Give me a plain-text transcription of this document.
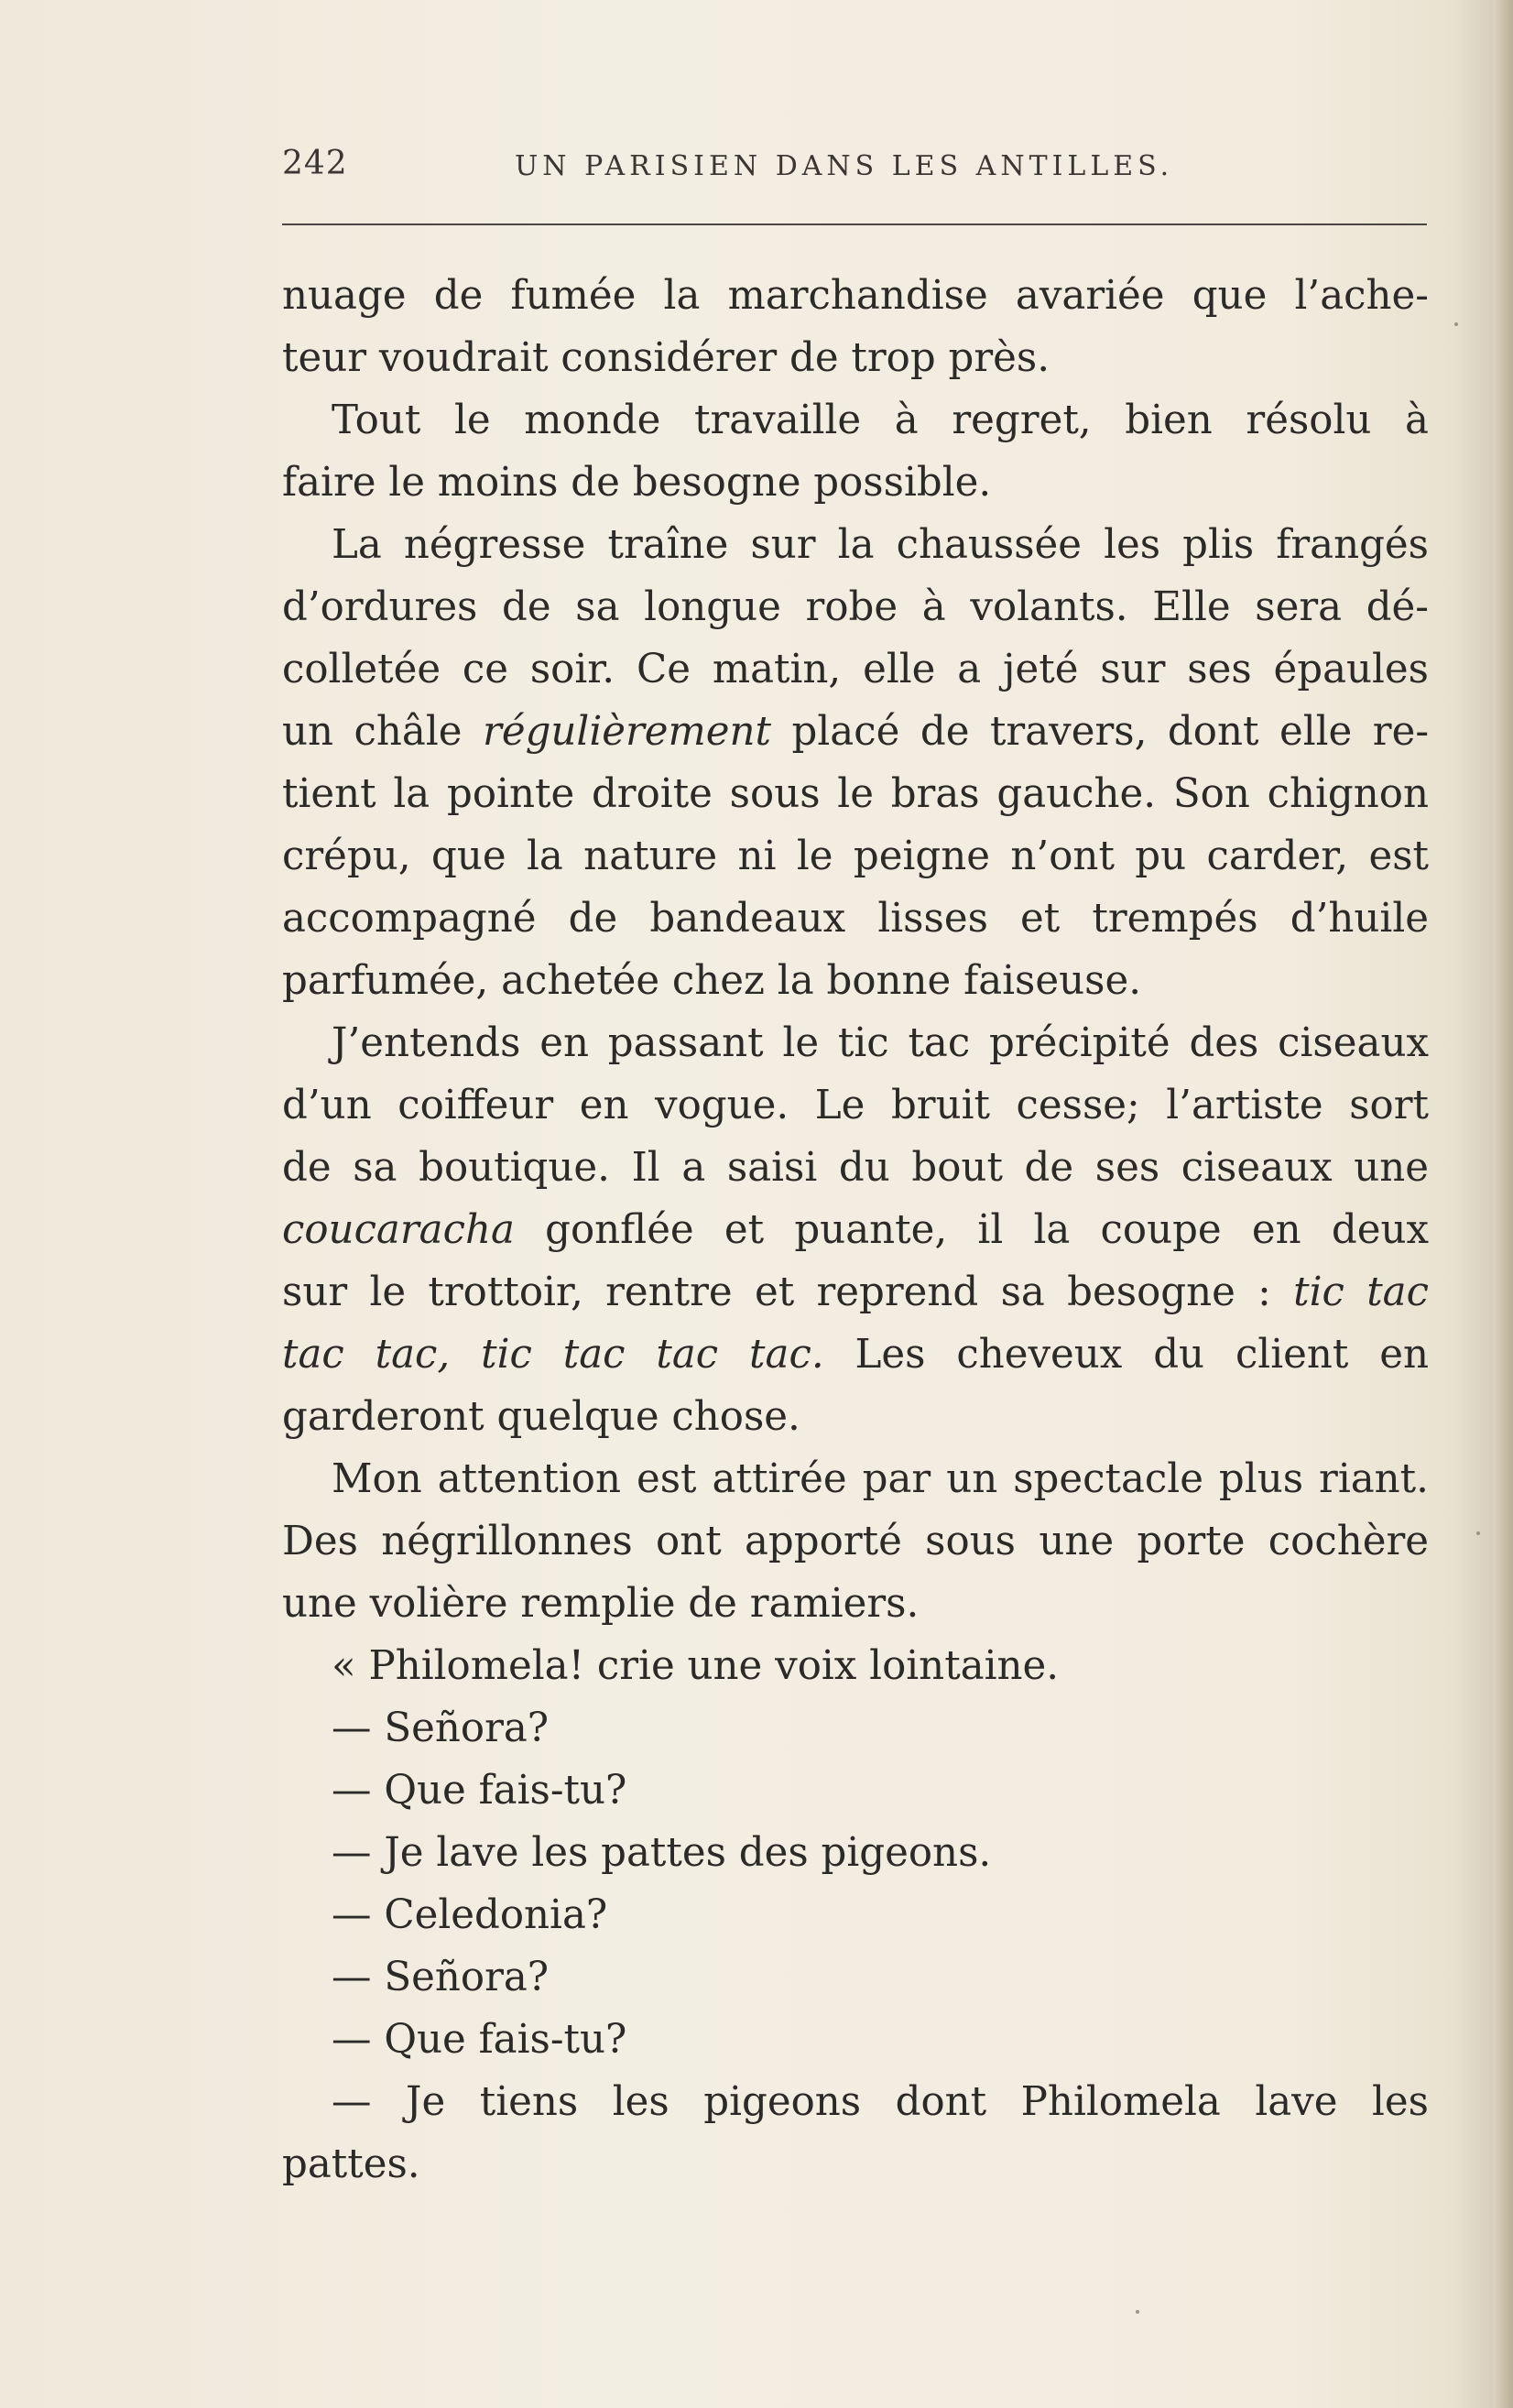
242	UN PARISIEN DANS LES ANTILLES.
nuage de fumée la marchandise avariée que l’ache-
teur voudrait considérer de trop près.
Tout le monde travaille à regret, bien résolu à
faire le moins de besogne possible.
La négresse traîne sur la chaussée les plis frangés
d’ordures de sa longue robe à volants. Elle sera dé-
colletée ce soir. Ce matin, elle a jeté sur ses épaules
un châle régulièrement placé de travers, dont elle re-
tient la pointe droite sous le bras gauche. Son chignon
crépu, que la nature ni le peigne n’ont pu carder, est
accompagné de bandeaux lisses et trempés d’huile
parfumée, achetée chez la bonne faiseuse.
J’entends en passant le tic tac précipité des ciseaux
d’un coiffeur en vogue. Le bruit cesse; l’artiste sort
de sa boutique. Il a saisi du bout de ses ciseaux une
coucaracha gonflée et puante, il la coupe en deux
sur le trottoir, rentre et reprend sa besogne : tic tac
tac tac, tic tac tac tac. Les cheveux du client en
garderont quelque chose.
Mon attention est attirée par un spectacle plus riant.
Des négrillonnes ont apporté sous une porte cochère
une volière remplie de ramiers.
« Philomela! crie une voix lointaine.
— Señora?
— Que fais-tu?
— Je lave les pattes des pigeons.
— Celedonia?
— Señora?
— Que fais-tu?
— Je tiens les pigeons dont Philomela lave les
pattes.
